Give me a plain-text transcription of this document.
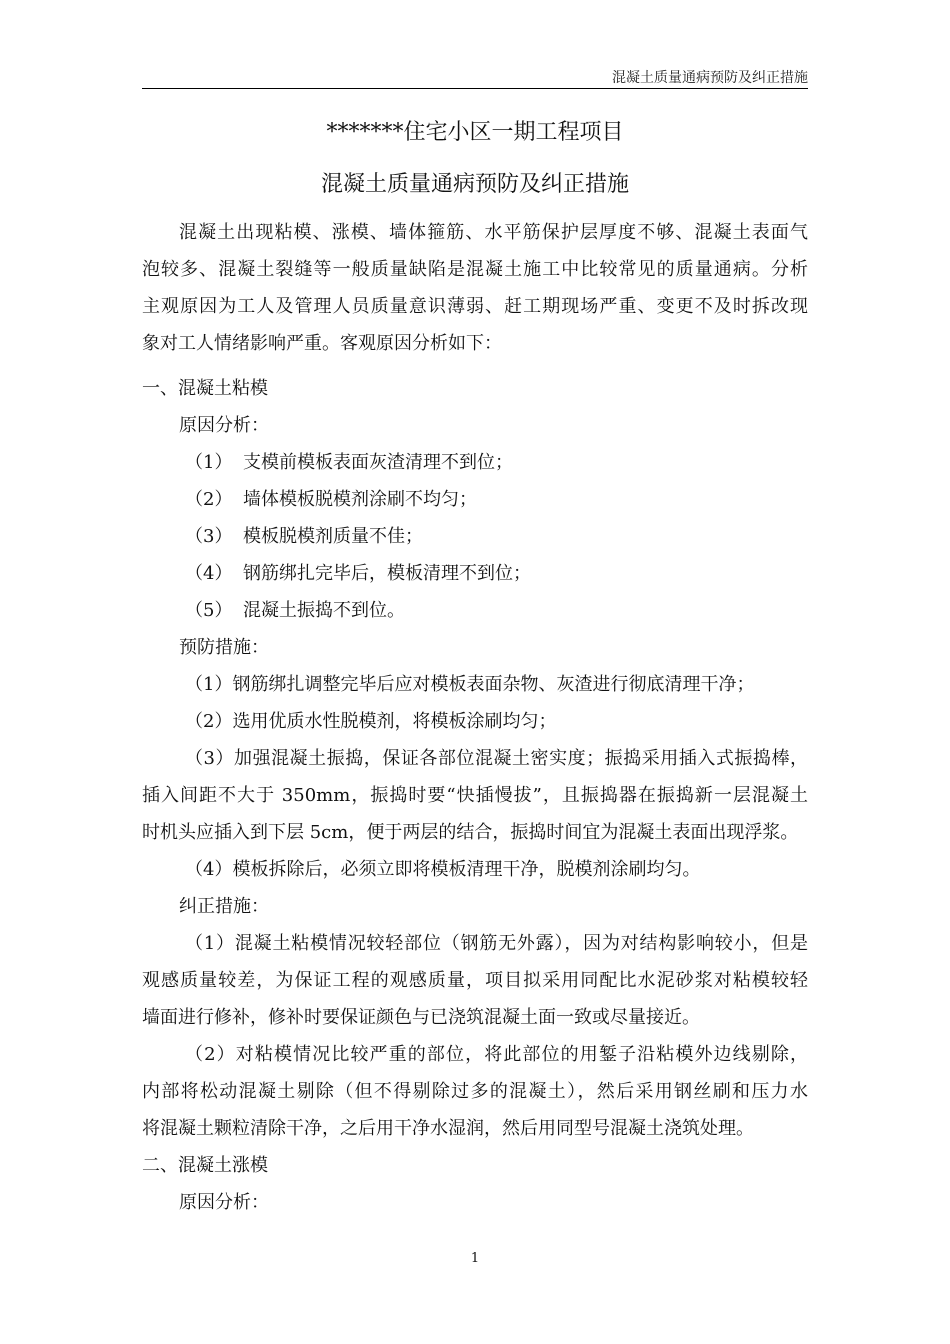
混凝土质量通病预防及纠正措施
*******住宅小区一期工程项目
混凝土质量通病预防及纠正措施

混凝土出现粘模、涨模、墙体箍筋、水平筋保护层厚度不够、混凝土表面气

泡较多、混凝土裂缝等一般质量缺陷是混凝土施工中比较常见的质量通病。分析

主观原因为工人及管理人员质量意识薄弱、赶工期现场严重、变更不及时拆改现

象对工人情绪影响严重。客观原因分析如下：

一、混凝土粘模

原因分析：

（1） 支模前模板表面灰渣清理不到位；

（2） 墙体模板脱模剂涂刷不均匀；

（3） 模板脱模剂质量不佳；

（4） 钢筋绑扎完毕后，模板清理不到位；

（5） 混凝土振捣不到位。

预防措施：

（1）钢筋绑扎调整完毕后应对模板表面杂物、灰渣进行彻底清理干净；

（2）选用优质水性脱模剂，将模板涂刷均匀；

（3）加强混凝土振捣，保证各部位混凝土密实度；振捣采用插入式振捣棒，

插入间距不大于 350mm，振捣时要“快插慢拔”，且振捣器在振捣新一层混凝土

时机头应插入到下层 5cm，便于两层的结合，振捣时间宜为混凝土表面出现浮浆。

（4）模板拆除后，必须立即将模板清理干净，脱模剂涂刷均匀。

纠正措施：

（1）混凝土粘模情况较轻部位（钢筋无外露），因为对结构影响较小，但是

观感质量较差，为保证工程的观感质量，项目拟采用同配比水泥砂浆对粘模较轻

墙面进行修补，修补时要保证颜色与已浇筑混凝土面一致或尽量接近。

（2）对粘模情况比较严重的部位，将此部位的用錾子沿粘模外边线剔除，

内部将松动混凝土剔除（但不得剔除过多的混凝土），然后采用钢丝刷和压力水

将混凝土颗粒清除干净，之后用干净水湿润，然后用同型号混凝土浇筑处理。

二、混凝土涨模

原因分析：

1
